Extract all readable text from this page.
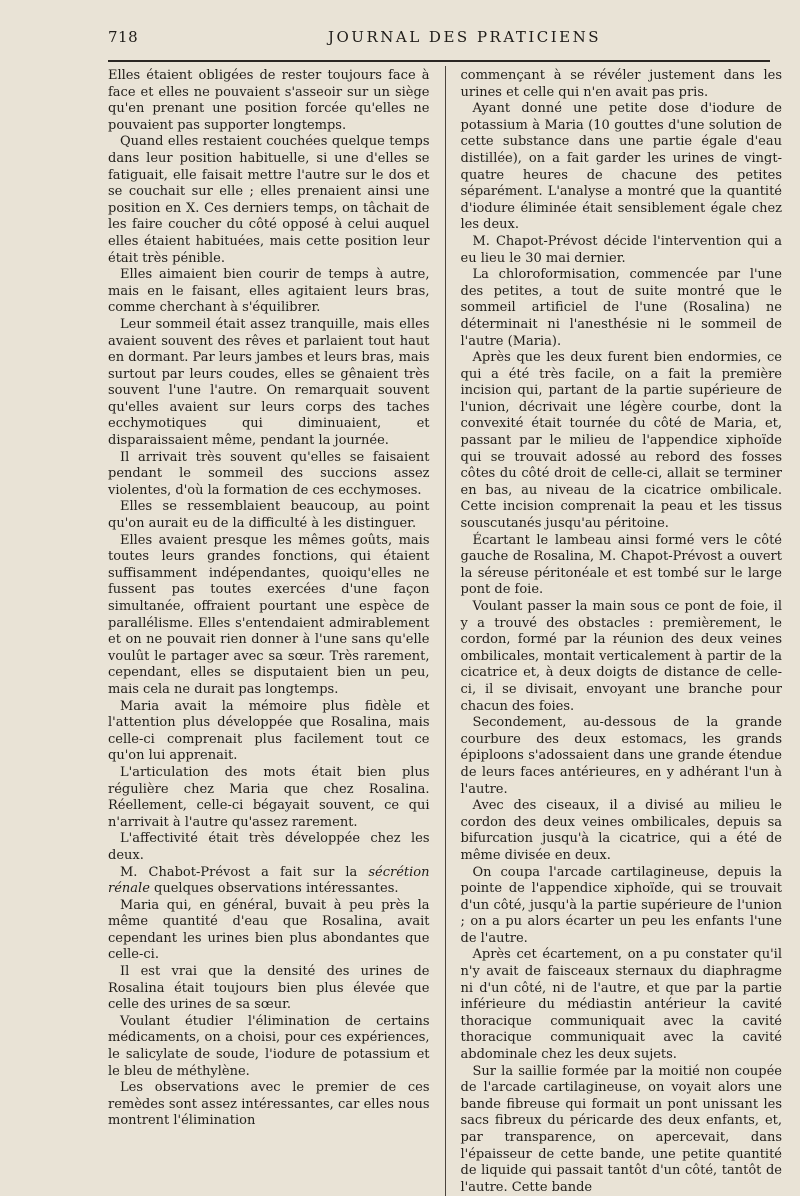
718	JOURNAL DES PRATICIENS

Elles étaient obligées de rester toujours face à face et elles ne pouvaient s'asseoir sur un siège qu'en prenant une position forcée qu'elles ne pouvaient pas supporter longtemps.

Quand elles restaient couchées quelque temps dans leur position habituelle, si une d'elles se fatiguait, elle faisait mettre l'autre sur le dos et se couchait sur elle ; elles prenaient ainsi une position en X. Ces derniers temps, on tâchait de les faire coucher du côté opposé à celui auquel elles étaient habituées, mais cette position leur était très pénible.

Elles aimaient bien courir de temps à autre, mais en le faisant, elles agitaient leurs bras, comme cherchant à s'équilibrer.

Leur sommeil était assez tranquille, mais elles avaient souvent des rêves et parlaient tout haut en dormant. Par leurs jambes et leurs bras, mais surtout par leurs coudes, elles se gênaient très souvent l'une l'autre. On remarquait souvent qu'elles avaient sur leurs corps des taches ecchymotiques qui diminuaient, et disparaissaient même, pendant la journée.

Il arrivait très souvent qu'elles se faisaient pendant le sommeil des succions assez violentes, d'où la formation de ces ecchymoses.

Elles se ressemblaient beaucoup, au point qu'on aurait eu de la difficulté à les distinguer.

Elles avaient presque les mêmes goûts, mais toutes leurs grandes fonctions, qui étaient suffisamment indépendantes, quoiqu'elles ne fussent pas toutes exercées d'une façon simultanée, offraient pourtant une espèce de parallélisme. Elles s'entendaient admirablement et on ne pouvait rien donner à l'une sans qu'elle voulût le partager avec sa sœur. Très rarement, cependant, elles se disputaient bien un peu, mais cela ne durait pas longtemps.

Maria avait la mémoire plus fidèle et l'attention plus développée que Rosalina, mais celle-ci comprenait plus facilement tout ce qu'on lui apprenait.

L'articulation des mots était bien plus régulière chez Maria que chez Rosalina. Réellement, celle-ci bégayait souvent, ce qui n'arrivait à l'autre qu'assez rarement.

L'affectivité était très développée chez les deux.

M. Chabot-Prévost a fait sur la sécrétion rénale quelques observations intéressantes.

Maria qui, en général, buvait à peu près la même quantité d'eau que Rosalina, avait cependant les urines bien plus abondantes que celle-ci.

Il est vrai que la densité des urines de Rosalina était toujours bien plus élevée que celle des urines de sa sœur.

Voulant étudier l'élimination de certains médicaments, on a choisi, pour ces expériences, le salicylate de soude, l'iodure de potassium et le bleu de méthylène.

Les observations avec le premier de ces remèdes sont assez intéressantes, car elles nous montrent l'élimination

commençant à se révéler justement dans les urines et celle qui n'en avait pas pris.

Ayant donné une petite dose d'iodure de potassium à Maria (10 gouttes d'une solution de cette substance dans une partie égale d'eau distillée), on a fait garder les urines de vingt-quatre heures de chacune des petites séparément. L'analyse a montré que la quantité d'iodure éliminée était sensiblement égale chez les deux.

M. Chapot-Prévost décide l'intervention qui a eu lieu le 30 mai dernier.

La chloroformisation, commencée par l'une des petites, a tout de suite montré que le sommeil artificiel de l'une (Rosalina) ne déterminait ni l'anesthésie ni le sommeil de l'autre (Maria).

Après que les deux furent bien endormies, ce qui a été très facile, on a fait la première incision qui, partant de la partie supérieure de l'union, décrivait une légère courbe, dont la convexité était tournée du côté de Maria, et, passant par le milieu de l'appendice xiphoïde qui se trouvait adossé au rebord des fosses côtes du côté droit de celle-ci, allait se terminer en bas, au niveau de la cicatrice ombilicale. Cette incision comprenait la peau et les tissus souscutanés jusqu'au péritoine.

Écartant le lambeau ainsi formé vers le côté gauche de Rosalina, M. Chapot-Prévost a ouvert la séreuse péritonéale et est tombé sur le large pont de foie.

Voulant passer la main sous ce pont de foie, il y a trouvé des obstacles : premièrement, le cordon, formé par la réunion des deux veines ombilicales, montait verticalement à partir de la cicatrice et, à deux doigts de distance de celle-ci, il se divisait, envoyant une branche pour chacun des foies.

Secondement, au-dessous de la grande courbure des deux estomacs, les grands épiploons s'adossaient dans une grande étendue de leurs faces antérieures, en y adhérant l'un à l'autre.

Avec des ciseaux, il a divisé au milieu le cordon des deux veines ombilicales, depuis sa bifurcation jusqu'à la cicatrice, qui a été de même divisée en deux.

On coupa l'arcade cartilagineuse, depuis la pointe de l'appendice xiphoïde, qui se trouvait d'un côté, jusqu'à la partie supérieure de l'union ; on a pu alors écarter un peu les enfants l'une de l'autre.

Après cet écartement, on a pu constater qu'il n'y avait de faisceaux sternaux du diaphragme ni d'un côté, ni de l'autre, et que par la partie inférieure du médiastin antérieur la cavité thoracique communiquait avec la cavité thoracique communiquait avec la cavité abdominale chez les deux sujets.

Sur la saillie formée par la moitié non coupée de l'arcade cartilagineuse, on voyait alors une bande fibreuse qui formait un pont unissant les sacs fibreux du péricarde des deux enfants, et, par transparence, on apercevait, dans l'épaisseur de cette bande, une petite quantité de liquide qui passait tantôt d'un côté, tantôt de l'autre. Cette bande
